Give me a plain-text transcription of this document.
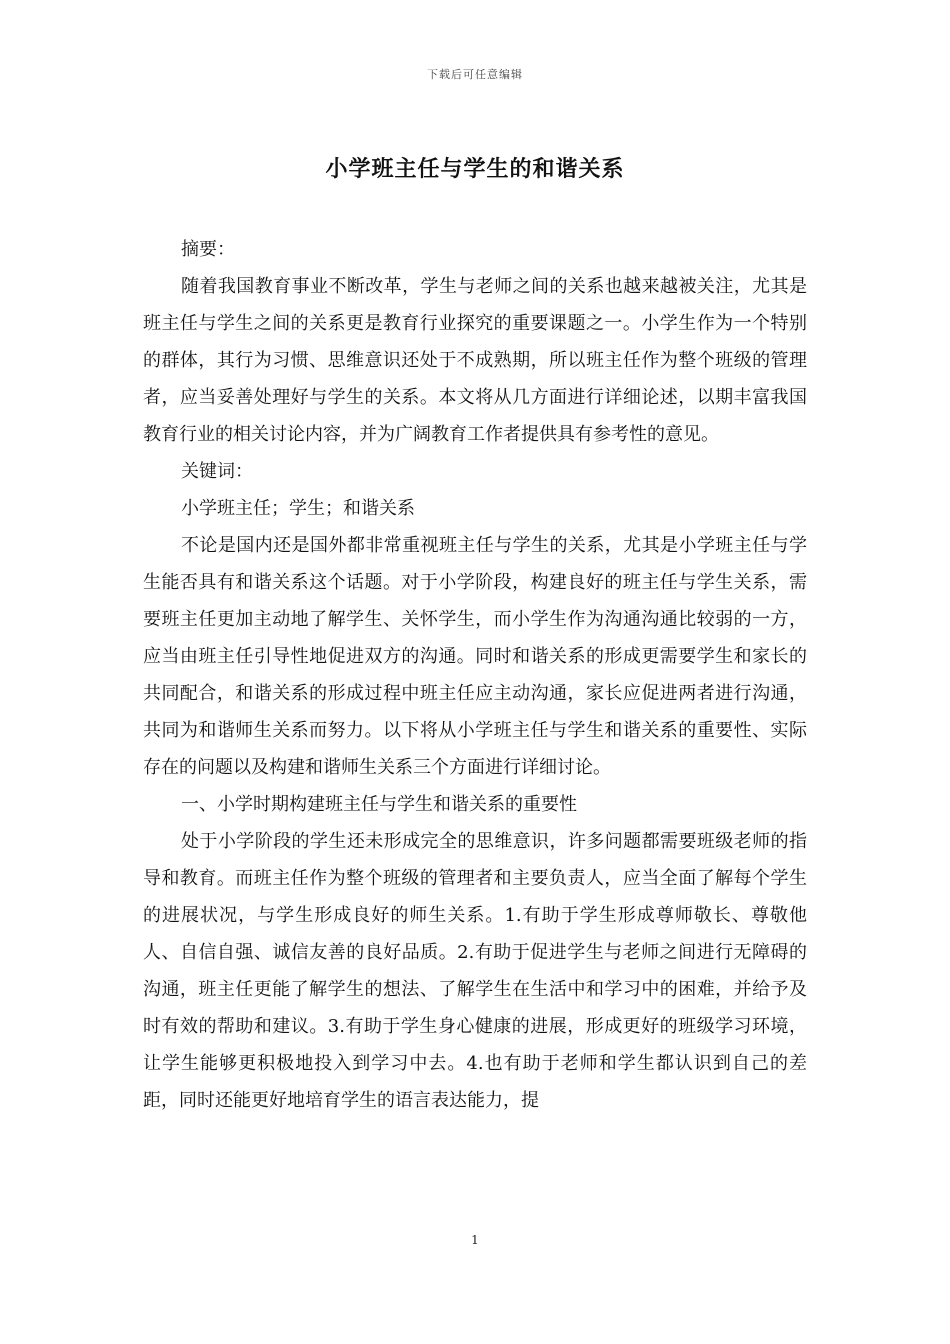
下载后可任意编辑
小学班主任与学生的和谐关系

摘要：

随着我国教育事业不断改革，学生与老师之间的关系也越来越被关注，尤其是班主任与学生之间的关系更是教育行业探究的重要课题之一。小学生作为一个特别的群体，其行为习惯、思维意识还处于不成熟期，所以班主任作为整个班级的管理者，应当妥善处理好与学生的关系。本文将从几方面进行详细论述，以期丰富我国教育行业的相关讨论内容，并为广阔教育工作者提供具有参考性的意见。

关键词：

小学班主任；学生；和谐关系

不论是国内还是国外都非常重视班主任与学生的关系，尤其是小学班主任与学生能否具有和谐关系这个话题。对于小学阶段，构建良好的班主任与学生关系，需要班主任更加主动地了解学生、关怀学生，而小学生作为沟通沟通比较弱的一方，应当由班主任引导性地促进双方的沟通。同时和谐关系的形成更需要学生和家长的共同配合，和谐关系的形成过程中班主任应主动沟通，家长应促进两者进行沟通，共同为和谐师生关系而努力。以下将从小学班主任与学生和谐关系的重要性、实际存在的问题以及构建和谐师生关系三个方面进行详细讨论。

一、小学时期构建班主任与学生和谐关系的重要性

处于小学阶段的学生还未形成完全的思维意识，许多问题都需要班级老师的指导和教育。而班主任作为整个班级的管理者和主要负责人，应当全面了解每个学生的进展状况，与学生形成良好的师生关系。1.有助于学生形成尊师敬长、尊敬他人、自信自强、诚信友善的良好品质。2.有助于促进学生与老师之间进行无障碍的沟通，班主任更能了解学生的想法、了解学生在生活中和学习中的困难，并给予及时有效的帮助和建议。3.有助于学生身心健康的进展，形成更好的班级学习环境，让学生能够更积极地投入到学习中去。4.也有助于老师和学生都认识到自己的差距，同时还能更好地培育学生的语言表达能力，提

1
